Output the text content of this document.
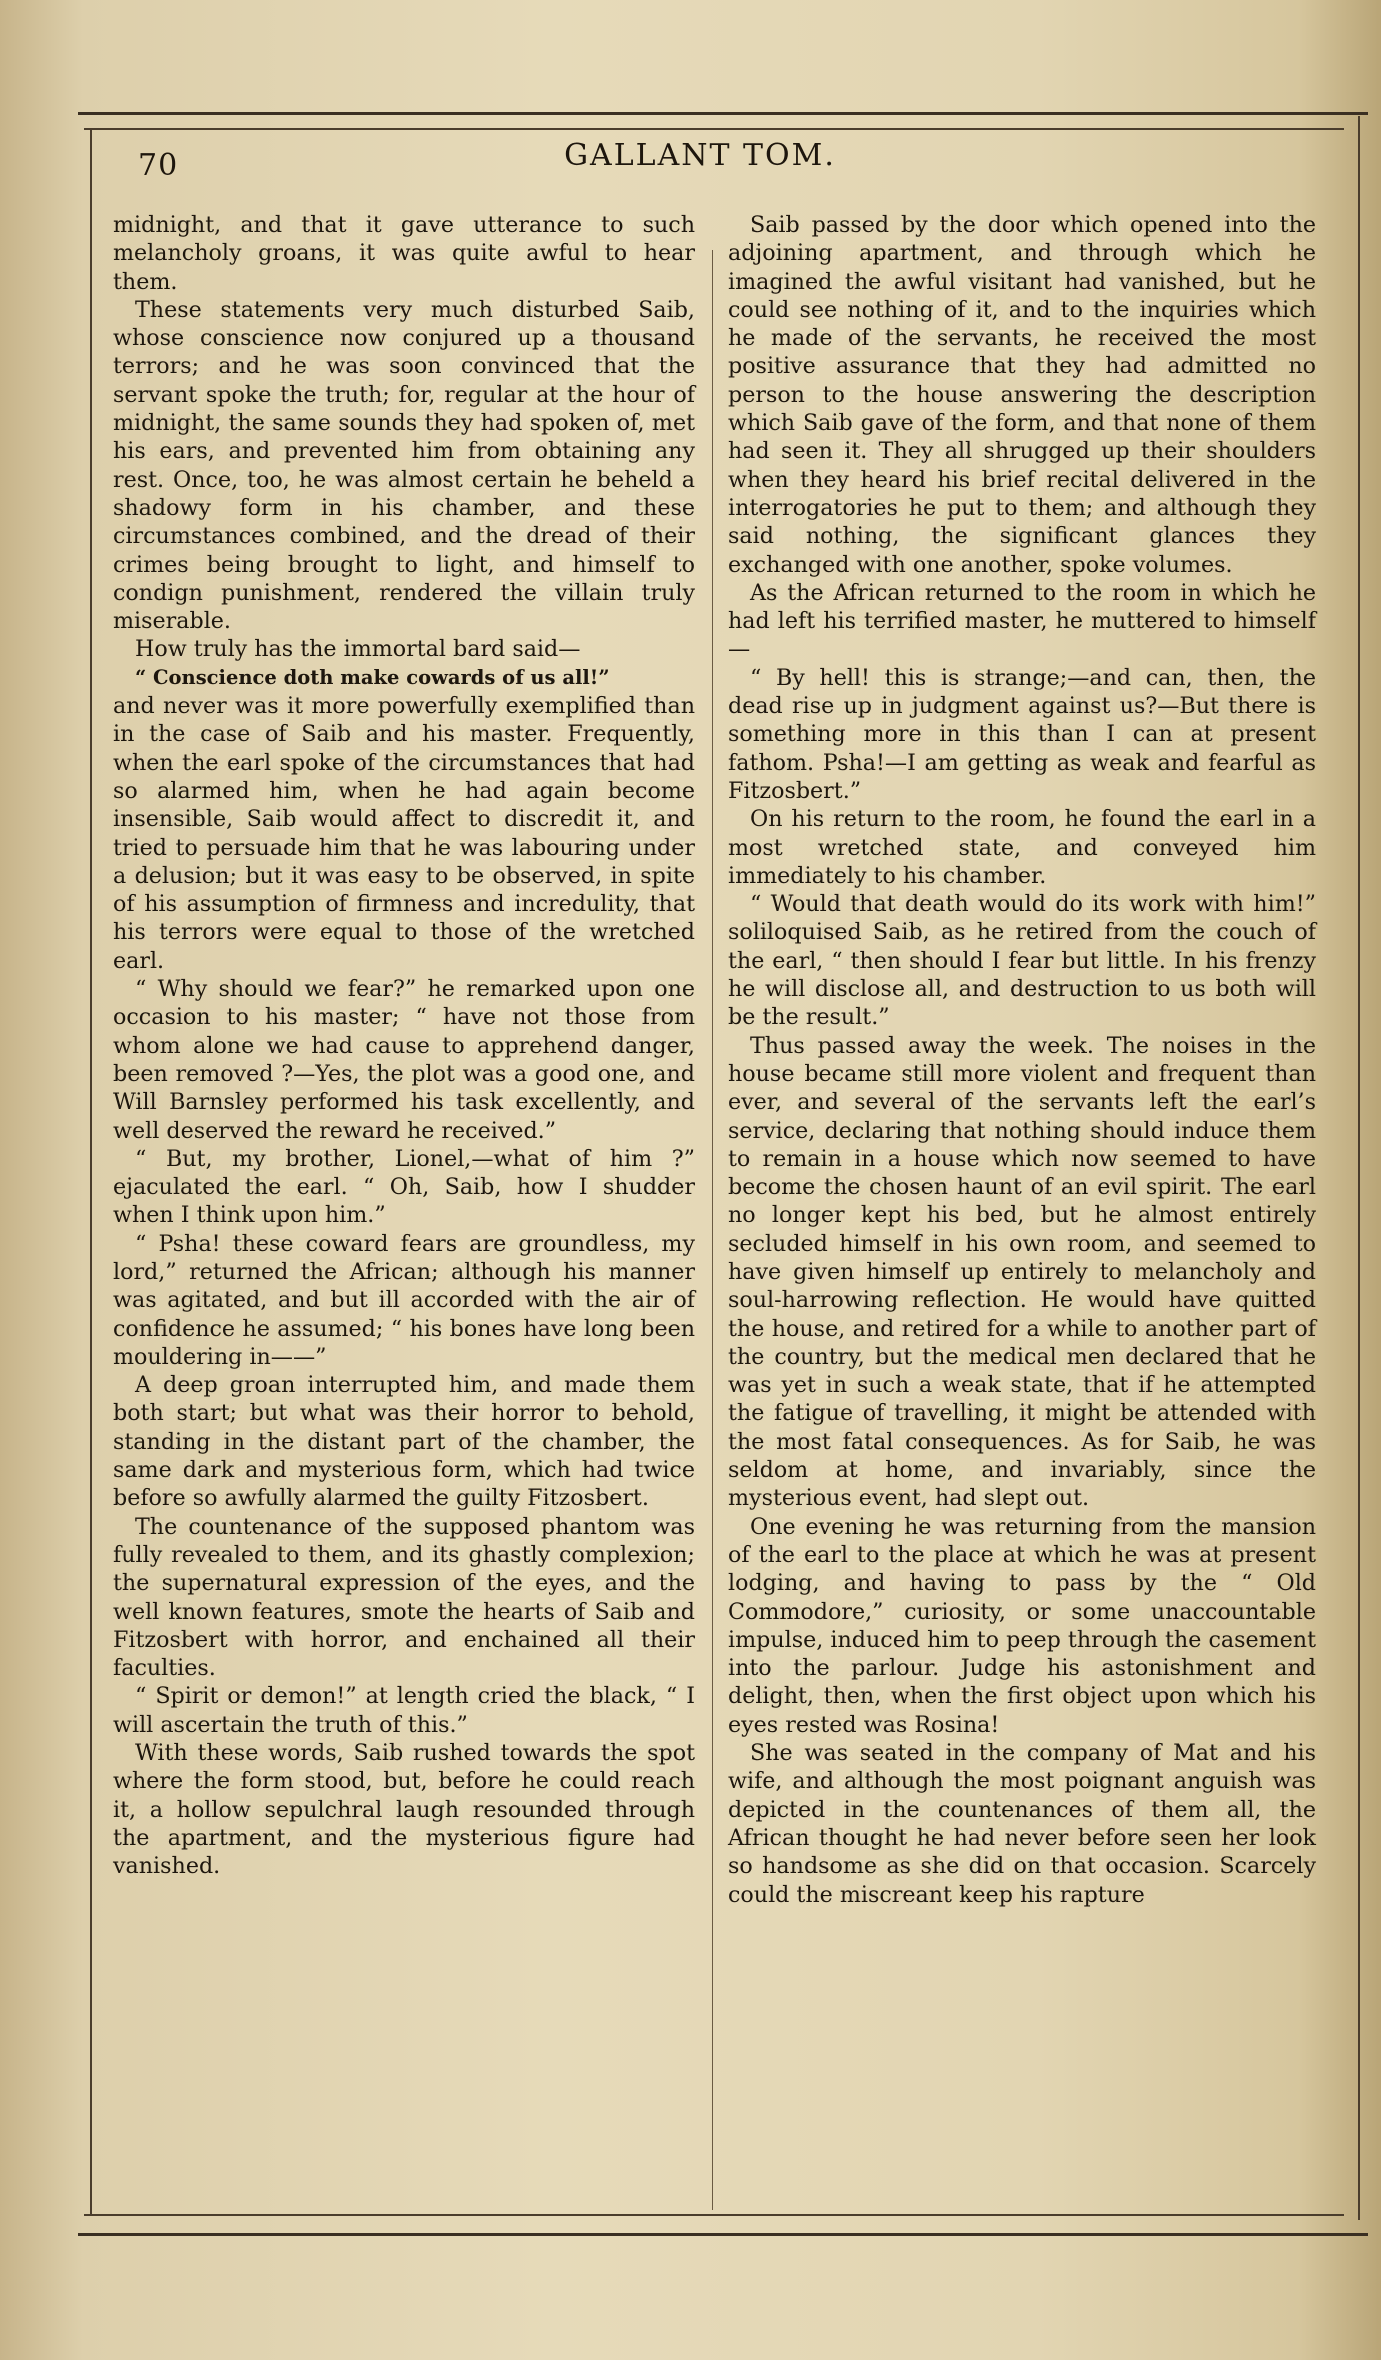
70	GALLANT TOM.

midnight, and that it gave utterance to such melancholy groans, it was quite awful to hear them.

These statements very much disturbed Saib, whose conscience now conjured up a thousand terrors; and he was soon convinced that the servant spoke the truth; for, regular at the hour of midnight, the same sounds they had spoken of, met his ears, and prevented him from obtaining any rest. Once, too, he was almost certain he beheld a shadowy form in his chamber, and these circumstances combined, and the dread of their crimes being brought to light, and himself to condign punishment, rendered the villain truly miserable.

How truly has the immortal bard said—

“ Conscience doth make cowards of us all!”

and never was it more powerfully exemplified than in the case of Saib and his master. Frequently, when the earl spoke of the circumstances that had so alarmed him, when he had again become insensible, Saib would affect to discredit it, and tried to persuade him that he was labouring under a delusion; but it was easy to be observed, in spite of his assumption of firmness and incredulity, that his terrors were equal to those of the wretched earl.

“ Why should we fear?” he remarked upon one occasion to his master; “ have not those from whom alone we had cause to apprehend danger, been removed ?—Yes, the plot was a good one, and Will Barnsley performed his task excellently, and well deserved the reward he received.”

“ But, my brother, Lionel,—what of him ?” ejaculated the earl. “ Oh, Saib, how I shudder when I think upon him.”

“ Psha! these coward fears are groundless, my lord,” returned the African; although his manner was agitated, and but ill accorded with the air of confidence he assumed; “ his bones have long been mouldering in——”

A deep groan interrupted him, and made them both start; but what was their horror to behold, standing in the distant part of the chamber, the same dark and mysterious form, which had twice before so awfully alarmed the guilty Fitzosbert.

The countenance of the supposed phantom was fully revealed to them, and its ghastly complexion; the supernatural expression of the eyes, and the well known features, smote the hearts of Saib and Fitzosbert with horror, and enchained all their faculties.

“ Spirit or demon!” at length cried the black, “ I will ascertain the truth of this.”

With these words, Saib rushed towards the spot where the form stood, but, before he could reach it, a hollow sepulchral laugh resounded through the apartment, and the mysterious figure had vanished.

Saib passed by the door which opened into the adjoining apartment, and through which he imagined the awful visitant had vanished, but he could see nothing of it, and to the inquiries which he made of the servants, he received the most positive assurance that they had admitted no person to the house answering the description which Saib gave of the form, and that none of them had seen it. They all shrugged up their shoulders when they heard his brief recital delivered in the interrogatories he put to them; and although they said nothing, the significant glances they exchanged with one another, spoke volumes.

As the African returned to the room in which he had left his terrified master, he muttered to himself—

“ By hell! this is strange;—and can, then, the dead rise up in judgment against us?—But there is something more in this than I can at present fathom. Psha!—I am getting as weak and fearful as Fitzosbert.”

On his return to the room, he found the earl in a most wretched state, and conveyed him immediately to his chamber.

“ Would that death would do its work with him!” soliloquised Saib, as he retired from the couch of the earl, “ then should I fear but little. In his frenzy he will disclose all, and destruction to us both will be the result.”

Thus passed away the week. The noises in the house became still more violent and frequent than ever, and several of the servants left the earl’s service, declaring that nothing should induce them to remain in a house which now seemed to have become the chosen haunt of an evil spirit. The earl no longer kept his bed, but he almost entirely secluded himself in his own room, and seemed to have given himself up entirely to melancholy and soul-harrowing reflection. He would have quitted the house, and retired for a while to another part of the country, but the medical men declared that he was yet in such a weak state, that if he attempted the fatigue of travelling, it might be attended with the most fatal consequences. As for Saib, he was seldom at home, and invariably, since the mysterious event, had slept out.

One evening he was returning from the mansion of the earl to the place at which he was at present lodging, and having to pass by the “ Old Commodore,” curiosity, or some unaccountable impulse, induced him to peep through the casement into the parlour. Judge his astonishment and delight, then, when the first object upon which his eyes rested was Rosina!

She was seated in the company of Mat and his wife, and although the most poignant anguish was depicted in the countenances of them all, the African thought he had never before seen her look so handsome as she did on that occasion. Scarcely could the miscreant keep his rapture
